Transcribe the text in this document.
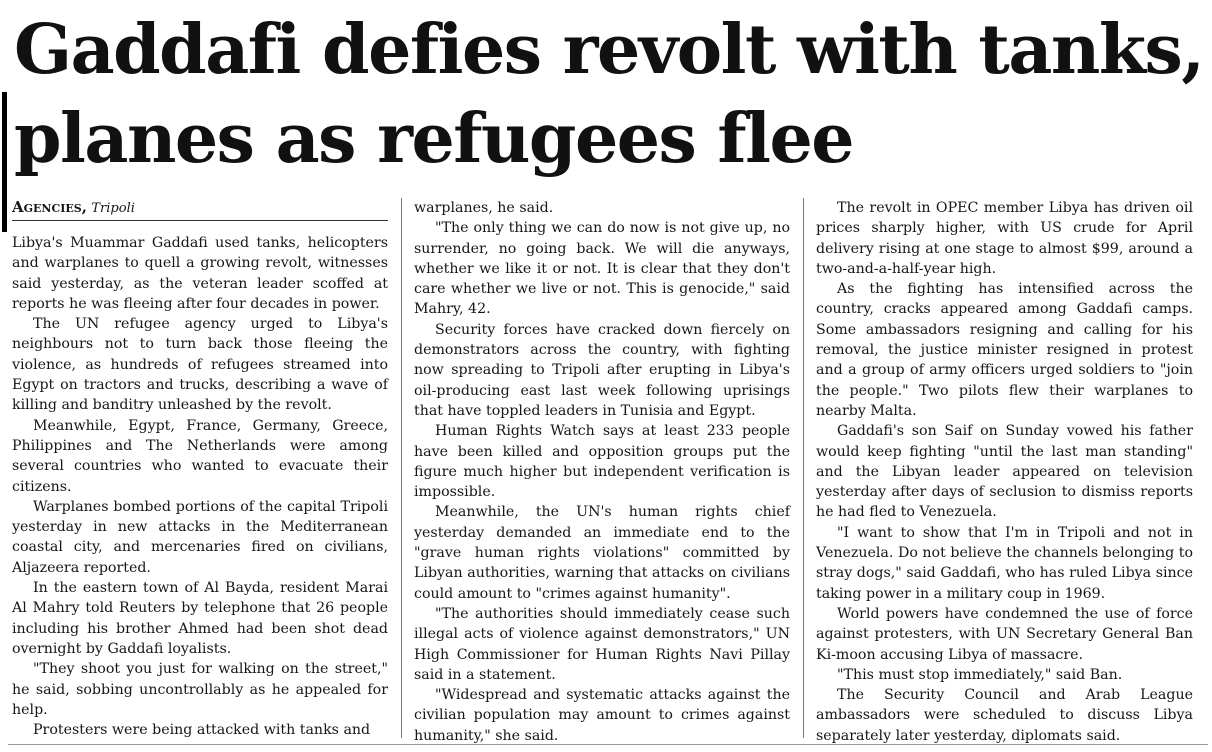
Gaddafi defies revolt with tanks,
planes as refugees flee
Agencies, Tripoli

Libya's Muammar Gaddafi used tanks, helicopters and warplanes to quell a growing revolt, witnesses said yesterday, as the veteran leader scoffed at reports he was fleeing after four decades in power.

The UN refugee agency urged to Libya's neighbours not to turn back those fleeing the violence, as hundreds of refugees streamed into Egypt on tractors and trucks, describing a wave of killing and banditry unleashed by the revolt.

Meanwhile, Egypt, France, Germany, Greece, Philippines and The Netherlands were among several countries who wanted to evacuate their citizens.

Warplanes bombed portions of the capital Tripoli yesterday in new attacks in the Mediterranean coastal city, and mercenaries fired on civilians, Aljazeera reported.

In the eastern town of Al Bayda, resident Marai Al Mahry told Reuters by telephone that 26 people including his brother Ahmed had been shot dead overnight by Gaddafi loyalists.

"They shoot you just for walking on the street," he said, sobbing uncontrollably as he appealed for help.

Protesters were being attacked with tanks and

warplanes, he said.

"The only thing we can do now is not give up, no surrender, no going back. We will die anyways, whether we like it or not. It is clear that they don't care whether we live or not. This is genocide," said Mahry, 42.

Security forces have cracked down fiercely on demonstrators across the country, with fighting now spreading to Tripoli after erupting in Libya's oil-producing east last week following uprisings that have toppled leaders in Tunisia and Egypt.

Human Rights Watch says at least 233 people have been killed and opposition groups put the figure much higher but independent verification is impossible.

Meanwhile, the UN's human rights chief yesterday demanded an immediate end to the "grave human rights violations" committed by Libyan authorities, warning that attacks on civilians could amount to "crimes against humanity".

"The authorities should immediately cease such illegal acts of violence against demonstrators," UN High Commissioner for Human Rights Navi Pillay said in a statement.

"Widespread and systematic attacks against the civilian population may amount to crimes against humanity," she said.

The revolt in OPEC member Libya has driven oil prices sharply higher, with US crude for April delivery rising at one stage to almost $99, around a two-and-a-half-year high.

As the fighting has intensified across the country, cracks appeared among Gaddafi camps. Some ambassadors resigning and calling for his removal, the justice minister resigned in protest and a group of army officers urged soldiers to "join the people." Two pilots flew their warplanes to nearby Malta.

Gaddafi's son Saif on Sunday vowed his father would keep fighting "until the last man standing" and the Libyan leader appeared on television yesterday after days of seclusion to dismiss reports he had fled to Venezuela.

"I want to show that I'm in Tripoli and not in Venezuela. Do not believe the channels belonging to stray dogs," said Gaddafi, who has ruled Libya since taking power in a military coup in 1969.

World powers have condemned the use of force against protesters, with UN Secretary General Ban Ki-moon accusing Libya of massacre.

"This must stop immediately," said Ban.

The Security Council and Arab League ambassadors were scheduled to discuss Libya separately later yesterday, diplomats said.
